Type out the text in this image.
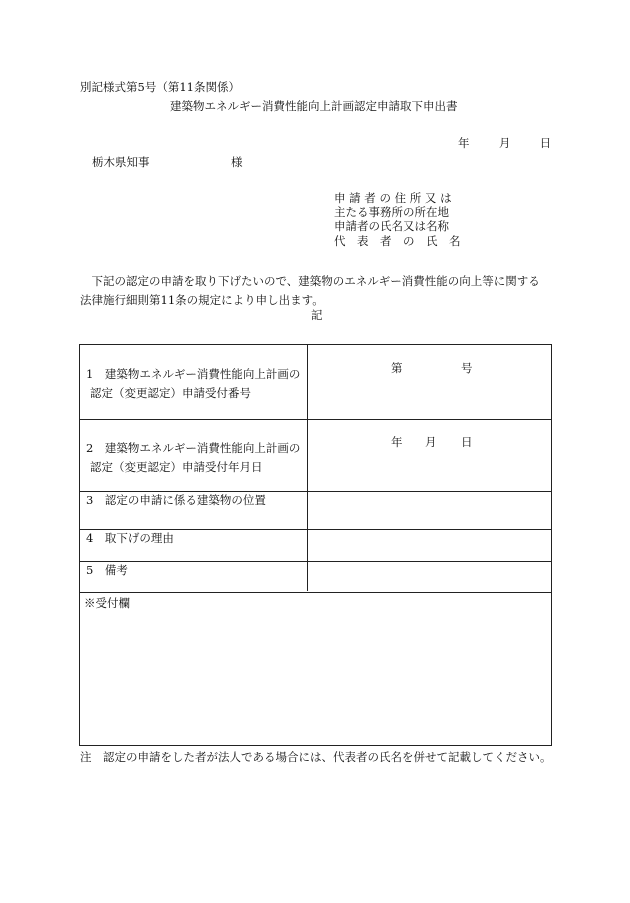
別記様式第5号（第11条関係）
建築物エネルギー消費性能向上計画認定申請取下申出書
年	月	日
栃木県知事	様
申 請 者 の 住 所 又 は
主たる事務所の所在地
申請者の氏名又は名称
代　表　者　の　氏　名

　下記の認定の申請を取り下げたいので、建築物のエネルギー消費性能の向上等に関する

法律施行細則第11条の規定により申し出ます。

記
1　建築物エネルギー消費性能向上計画の
認定（変更認定）申請受付番号
第	号
2　建築物エネルギー消費性能向上計画の
認定（変更認定）申請受付年月日
年 月 日
3　認定の申請に係る建築物の位置
4　取下げの理由
5　備考
※受付欄
注　認定の申請をした者が法人である場合には、代表者の氏名を併せて記載してください。
